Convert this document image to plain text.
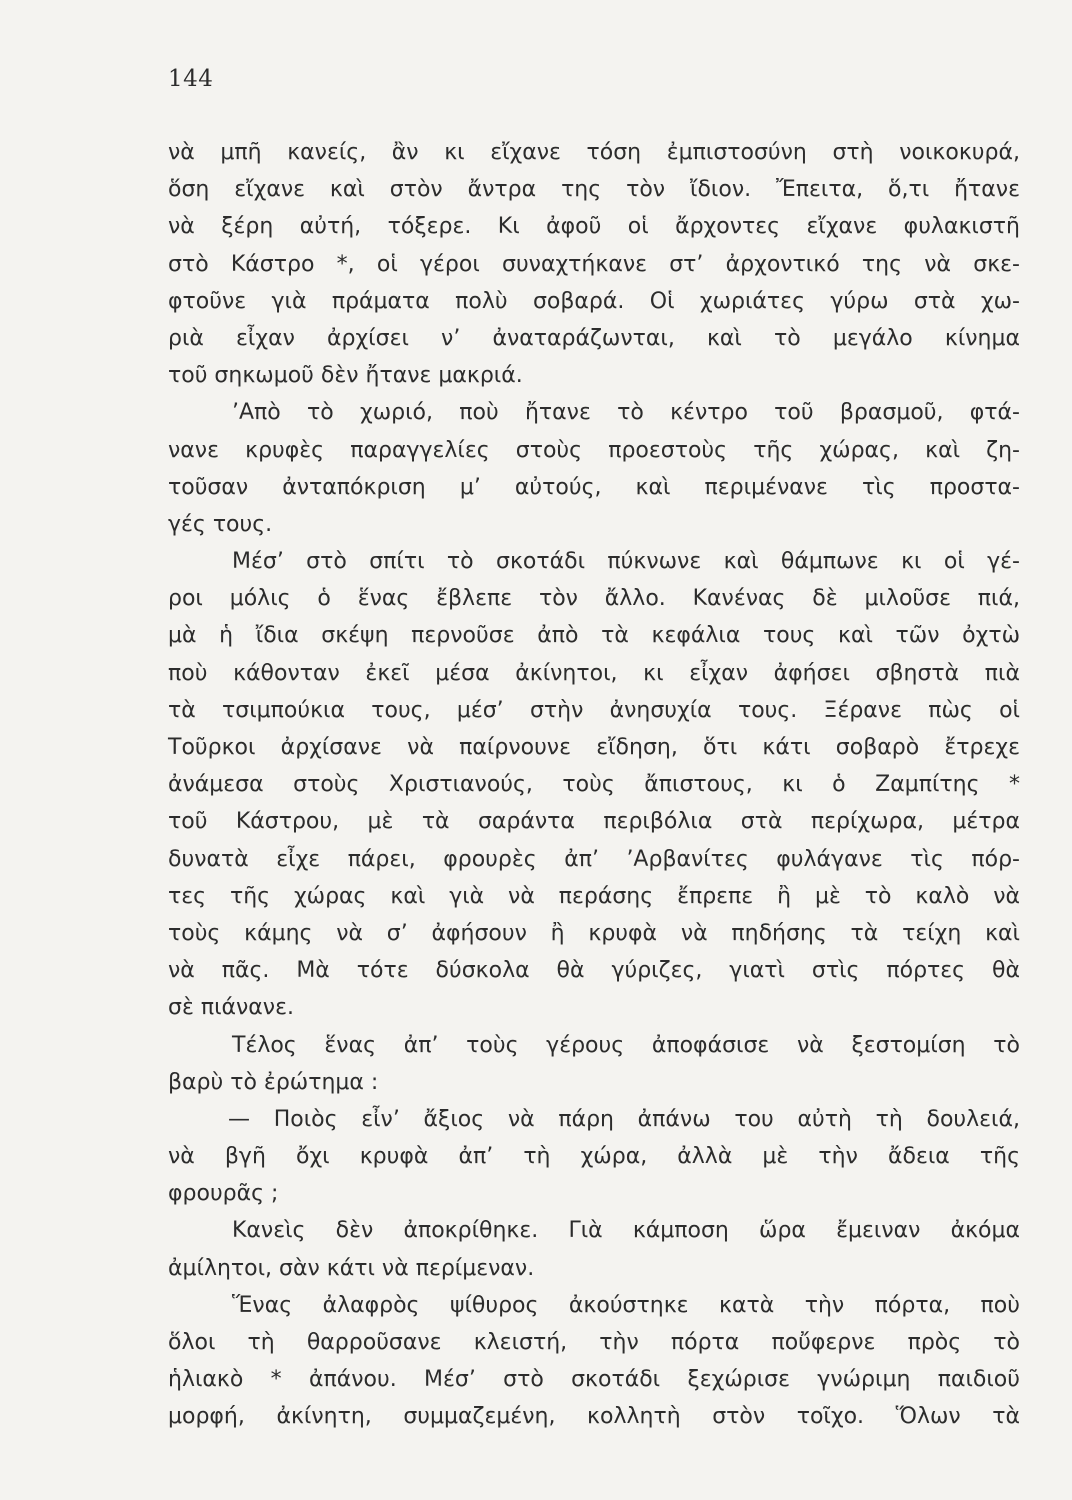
144
νὰ μπῆ κανείς, ἂν κι εἴχανε τόση ἐμπιστοσύνη στὴ νοικοκυρά,
ὅση εἴχανε καὶ στὸν ἄντρα της τὸν ἴδιον. Ἔπειτα, ὅ,τι ἤτανε
νὰ ξέρη αὐτή, τόξερε. Κι ἀφοῦ οἱ ἄρχοντες εἴχανε φυλακιστῆ
στὸ Κάστρο *, οἱ γέροι συναχτήκανε στ’ ἀρχοντικό της νὰ σκε-
φτοῦνε γιὰ πράματα πολὺ σοβαρά. Οἱ χωριάτες γύρω στὰ χω-
ριὰ εἶχαν ἀρχίσει ν’ ἀναταράζωνται, καὶ τὸ μεγάλο κίνημα
τοῦ σηκωμοῦ δὲν ἤτανε μακριά.
’Απὸ τὸ χωριό, ποὺ ἤτανε τὸ κέντρο τοῦ βρασμοῦ, φτά-
νανε κρυφὲς παραγγελίες στοὺς προεστοὺς τῆς χώρας, καὶ ζη-
τοῦσαν ἀνταπόκριση μ’ αὐτούς, καὶ περιμένανε τὶς προστα-
γές τους.
Μέσ’ στὸ σπίτι τὸ σκοτάδι πύκνωνε καὶ θάμπωνε κι οἱ γέ-
ροι μόλις ὁ ἕνας ἔβλεπε τὸν ἄλλο. Κανένας δὲ μιλοῦσε πιά,
μὰ ἡ ἴδια σκέψη περνοῦσε ἀπὸ τὰ κεφάλια τους καὶ τῶν ὀχτὼ
ποὺ κάθονταν ἐκεῖ μέσα ἀκίνητοι, κι εἶχαν ἀφήσει σβηστὰ πιὰ
τὰ τσιμπούκια τους, μέσ’ στὴν ἀνησυχία τους. Ξέρανε πὼς οἱ
Τοῦρκοι ἀρχίσανε νὰ παίρνουνε εἴδηση, ὅτι κάτι σοβαρὸ ἔτρεχε
ἀνάμεσα στοὺς Χριστιανούς, τοὺς ἄπιστους, κι ὁ Ζαμπίτης *
τοῦ Κάστρου, μὲ τὰ σαράντα περιβόλια στὰ περίχωρα, μέτρα
δυνατὰ εἶχε πάρει, φρουρὲς ἀπ’ ’Αρβανίτες φυλάγανε τὶς πόρ-
τες τῆς χώρας καὶ γιὰ νὰ περάσης ἔπρεπε ἢ μὲ τὸ καλὸ νὰ
τοὺς κάμης νὰ σ’ ἀφήσουν ἢ κρυφὰ νὰ πηδήσης τὰ τείχη καὶ
νὰ πᾶς. Μὰ τότε δύσκολα θὰ γύριζες, γιατὶ στὶς πόρτες θὰ
σὲ πιάνανε.
Τέλος ἕνας ἀπ’ τοὺς γέρους ἀποφάσισε νὰ ξεστομίση τὸ
βαρὺ τὸ ἐρώτημα :
— Ποιὸς εἶν’ ἄξιος νὰ πάρη ἀπάνω του αὐτὴ τὴ δουλειά,
νὰ βγῆ ὄχι κρυφὰ ἀπ’ τὴ χώρα, ἀλλὰ μὲ τὴν ἄδεια τῆς
φρουρᾶς ;
Κανεὶς δὲν ἀποκρίθηκε. Γιὰ κάμποση ὥρα ἔμειναν ἀκόμα
ἀμίλητοι, σὰν κάτι νὰ περίμεναν.
Ἕνας ἀλαφρὸς ψίθυρος ἀκούστηκε κατὰ τὴν πόρτα, ποὺ
ὅλοι τὴ θαρροῦσανε κλειστή, τὴν πόρτα ποὔφερνε πρὸς τὸ
ἡλιακὸ * ἀπάνου. Μέσ’ στὸ σκοτάδι ξεχώρισε γνώριμη παιδιοῦ
μορφή, ἀκίνητη, συμμαζεμένη, κολλητὴ στὸν τοῖχο. Ὅλων τὰ
